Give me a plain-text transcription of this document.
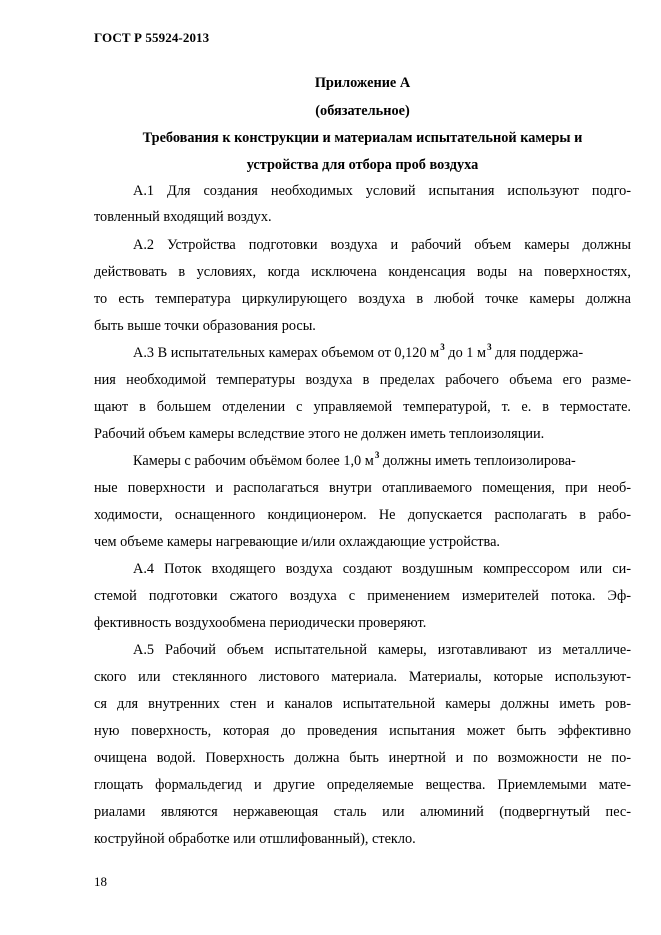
ГОСТ Р 55924-2013
Приложение А
(обязательное)
Требования к конструкции и материалам испытательной камеры и
устройства для отбора проб воздуха
А.1 Для создания необходимых условий испытания используют подго-
товленный входящий воздух.
А.2 Устройства подготовки воздуха и рабочий объем камеры должны
действовать в условиях, когда исключена конденсация воды на поверхностях,
то есть температура циркулирующего воздуха в любой точке камеры должна
быть выше точки образования росы.
А.3 В испытательных камерах объемом от 0,120 $м^3$ до 1 $м^3$ для поддержа-
ния необходимой температуры воздуха в пределах рабочего объема его разме-
щают в большем отделении с управляемой температурой, т. е. в термостате.
Рабочий объем камеры вследствие этого не должен иметь теплоизоляции.
Камеры с рабочим объёмом более 1,0 $м^3$ должны иметь теплоизолирова-
ные поверхности и располагаться внутри отапливаемого помещения, при необ-
ходимости, оснащенного кондиционером. Не допускается располагать в рабо-
чем объеме камеры нагревающие и/или охлаждающие устройства.
А.4 Поток входящего воздуха создают воздушным компрессором или си-
стемой подготовки сжатого воздуха с применением измерителей потока. Эф-
фективность воздухообмена периодически проверяют.
А.5 Рабочий объем испытательной камеры, изготавливают из металличе-
ского или стеклянного листового материала. Материалы, которые используют-
ся для внутренних стен и каналов испытательной камеры должны иметь ров-
ную поверхность, которая до проведения испытания может быть эффективно
очищена водой. Поверхность должна быть инертной и по возможности не по-
глощать формальдегид и другие определяемые вещества. Приемлемыми мате-
риалами являются нержавеющая сталь или алюминий (подвергнутый пес-
коструйной обработке или отшлифованный), стекло.
18
